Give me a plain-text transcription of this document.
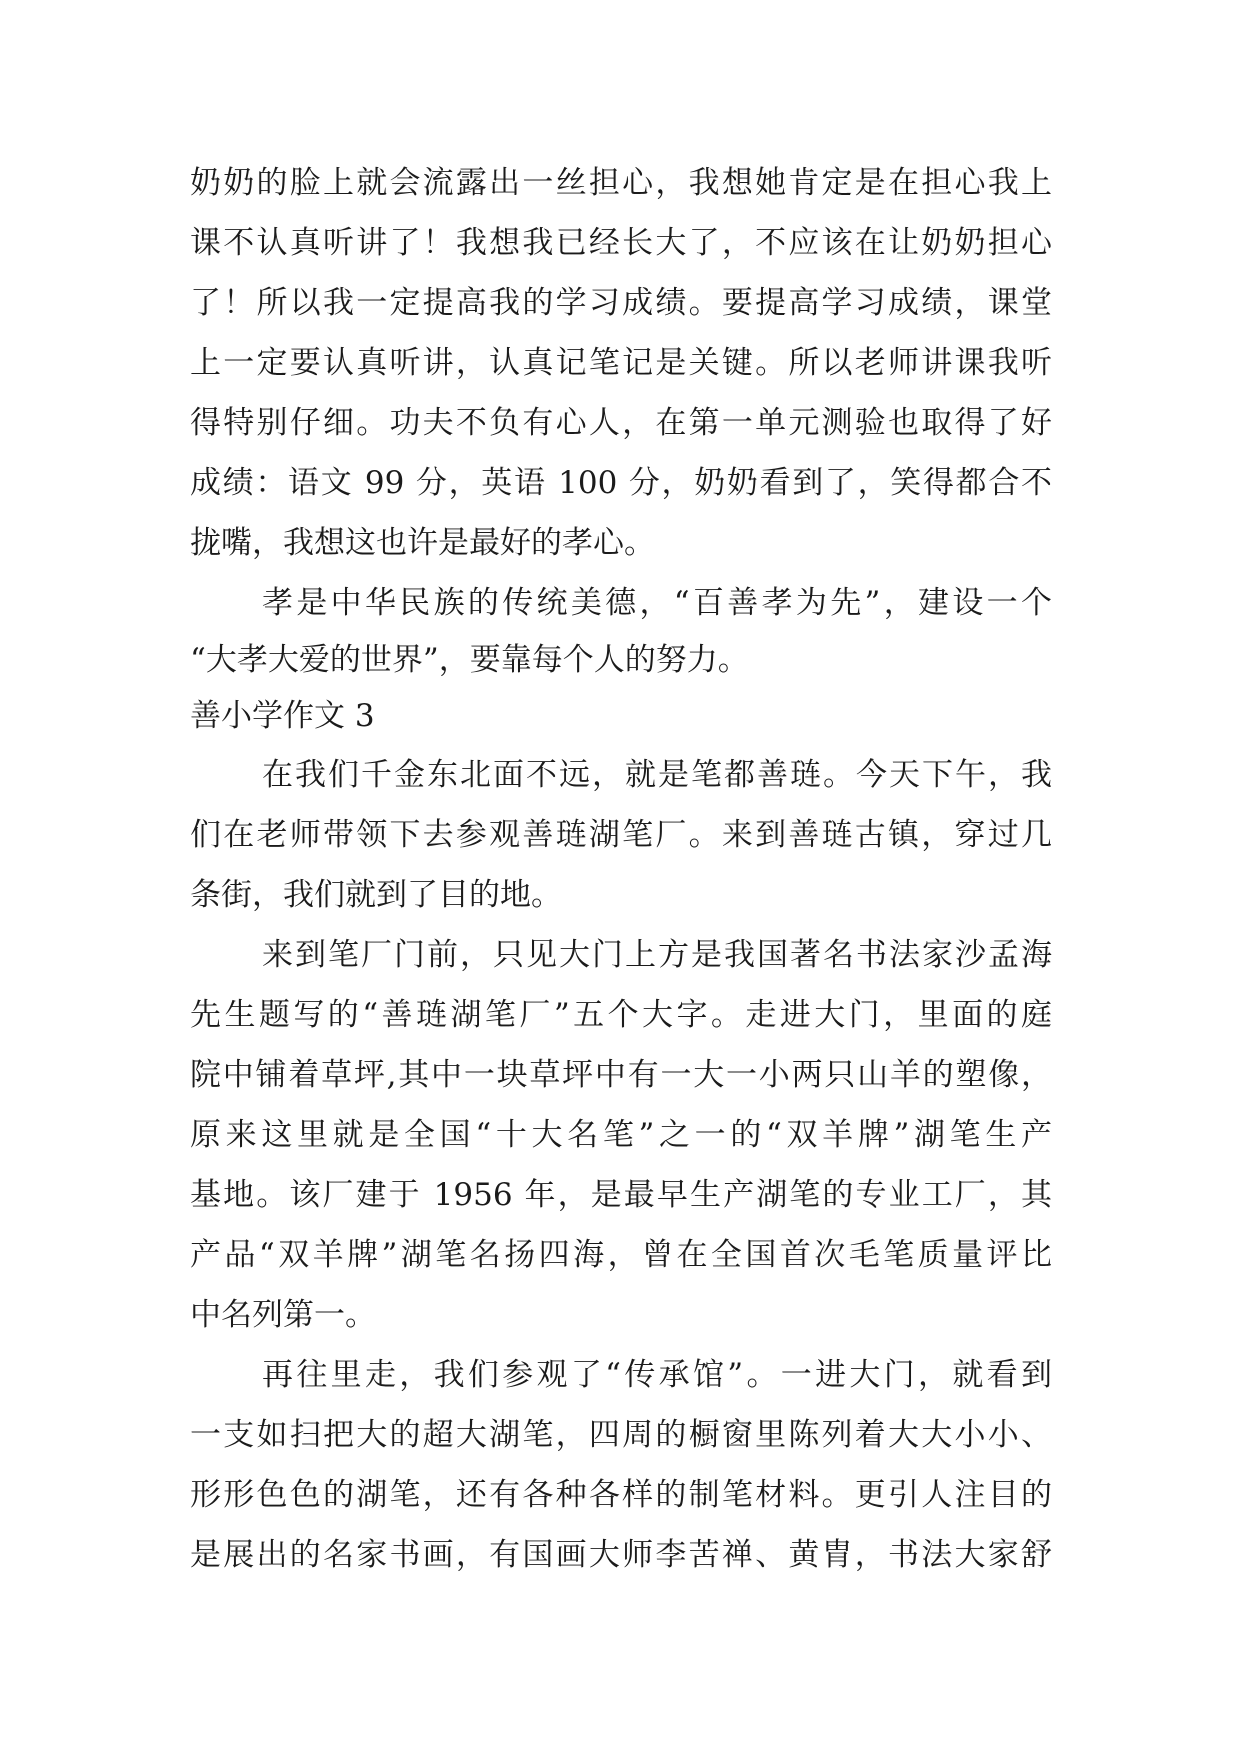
奶奶的脸上就会流露出一丝担心，我想她肯定是在担心我上
课不认真听讲了！我想我已经长大了，不应该在让奶奶担心
了！所以我一定提高我的学习成绩。要提高学习成绩，课堂
上一定要认真听讲，认真记笔记是关键。所以老师讲课我听
得特别仔细。功夫不负有心人，在第一单元测验也取得了好
成绩：语文 99 分，英语 100 分，奶奶看到了，笑得都合不
拢嘴，我想这也许是最好的孝心。
孝是中华民族的传统美德，“百善孝为先”，建设一个
“大孝大爱的世界”，要靠每个人的努力。
善小学作文 3
在我们千金东北面不远，就是笔都善琏。今天下午，我
们在老师带领下去参观善琏湖笔厂。来到善琏古镇，穿过几
条街，我们就到了目的地。
来到笔厂门前，只见大门上方是我国著名书法家沙孟海
先生题写的“善琏湖笔厂”五个大字。走进大门，里面的庭
院中铺着草坪,其中一块草坪中有一大一小两只山羊的塑像，
原来这里就是全国“十大名笔”之一的“双羊牌”湖笔生产
基地。该厂建于 1956 年，是最早生产湖笔的专业工厂，其
产品“双羊牌”湖笔名扬四海，曾在全国首次毛笔质量评比
中名列第一。
再往里走，我们参观了“传承馆”。一进大门，就看到
一支如扫把大的超大湖笔，四周的橱窗里陈列着大大小小、
形形色色的湖笔，还有各种各样的制笔材料。更引人注目的
是展出的名家书画，有国画大师李苦禅、黄胄，书法大家舒
